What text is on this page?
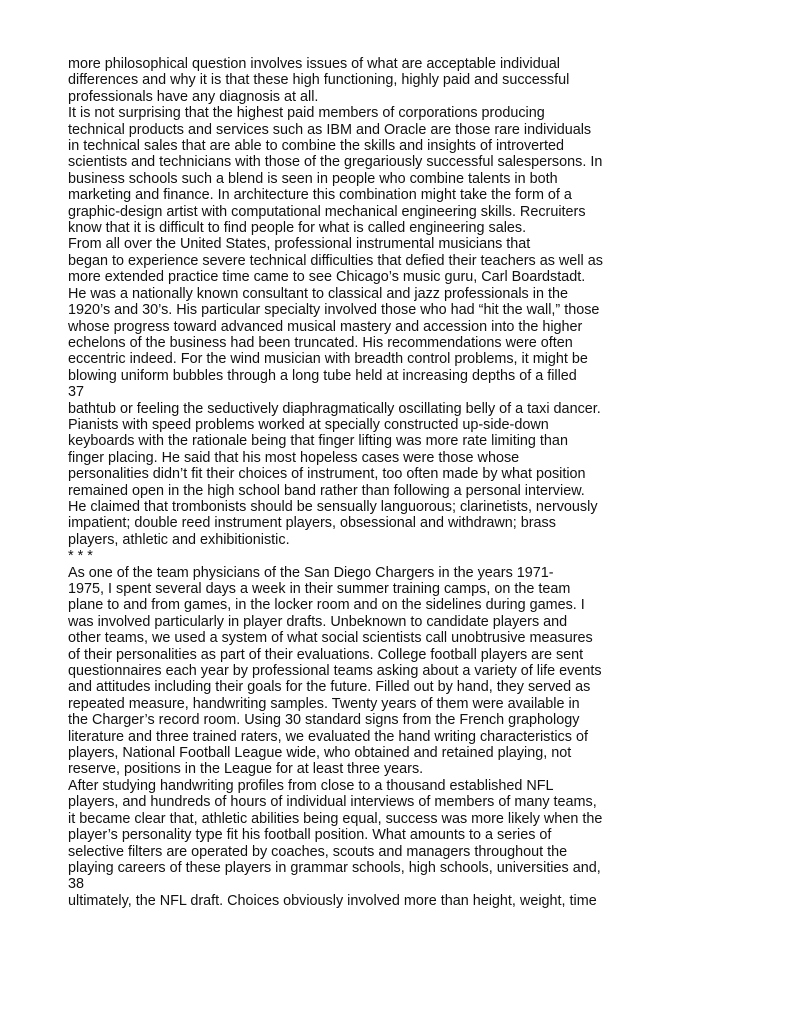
more philosophical question involves issues of what are acceptable individual
differences and why it is that these high functioning, highly paid and successful
professionals have any diagnosis at all.
It is not surprising that the highest paid members of corporations producing
technical products and services such as IBM and Oracle are those rare individuals
in technical sales that are able to combine the skills and insights of introverted
scientists and technicians with those of the gregariously successful salespersons. In
business schools such a blend is seen in people who combine talents in both
marketing and finance. In architecture this combination might take the form of a
graphic-design artist with computational mechanical engineering skills. Recruiters
know that it is difficult to find people for what is called engineering sales.
From all over the United States, professional instrumental musicians that
began to experience severe technical difficulties that defied their teachers as well as
more extended practice time came to see Chicago’s music guru, Carl Boardstadt.
He was a nationally known consultant to classical and jazz professionals in the
1920’s and 30’s. His particular specialty involved those who had “hit the wall,” those
whose progress toward advanced musical mastery and accession into the higher
echelons of the business had been truncated. His recommendations were often
eccentric indeed. For the wind musician with breadth control problems, it might be
blowing uniform bubbles through a long tube held at increasing depths of a filled
37
bathtub or feeling the seductively diaphragmatically oscillating belly of a taxi dancer.
Pianists with speed problems worked at specially constructed up-side-down
keyboards with the rationale being that finger lifting was more rate limiting than
finger placing. He said that his most hopeless cases were those whose
personalities didn’t fit their choices of instrument, too often made by what position
remained open in the high school band rather than following a personal interview.
He claimed that trombonists should be sensually languorous; clarinetists, nervously
impatient; double reed instrument players, obsessional and withdrawn; brass
players, athletic and exhibitionistic.
* * *
As one of the team physicians of the San Diego Chargers in the years 1971-
1975, I spent several days a week in their summer training camps, on the team
plane to and from games, in the locker room and on the sidelines during games. I
was involved particularly in player drafts. Unbeknown to candidate players and
other teams, we used a system of what social scientists call unobtrusive measures
of their personalities as part of their evaluations. College football players are sent
questionnaires each year by professional teams asking about a variety of life events
and attitudes including their goals for the future. Filled out by hand, they served as
repeated measure, handwriting samples. Twenty years of them were available in
the Charger’s record room. Using 30 standard signs from the French graphology
literature and three trained raters, we evaluated the hand writing characteristics of
players, National Football League wide, who obtained and retained playing, not
reserve, positions in the League for at least three years.
After studying handwriting profiles from close to a thousand established NFL
players, and hundreds of hours of individual interviews of members of many teams,
it became clear that, athletic abilities being equal, success was more likely when the
player’s personality type fit his football position. What amounts to a series of
selective filters are operated by coaches, scouts and managers throughout the
playing careers of these players in grammar schools, high schools, universities and,
38
ultimately, the NFL draft. Choices obviously involved more than height, weight, time
